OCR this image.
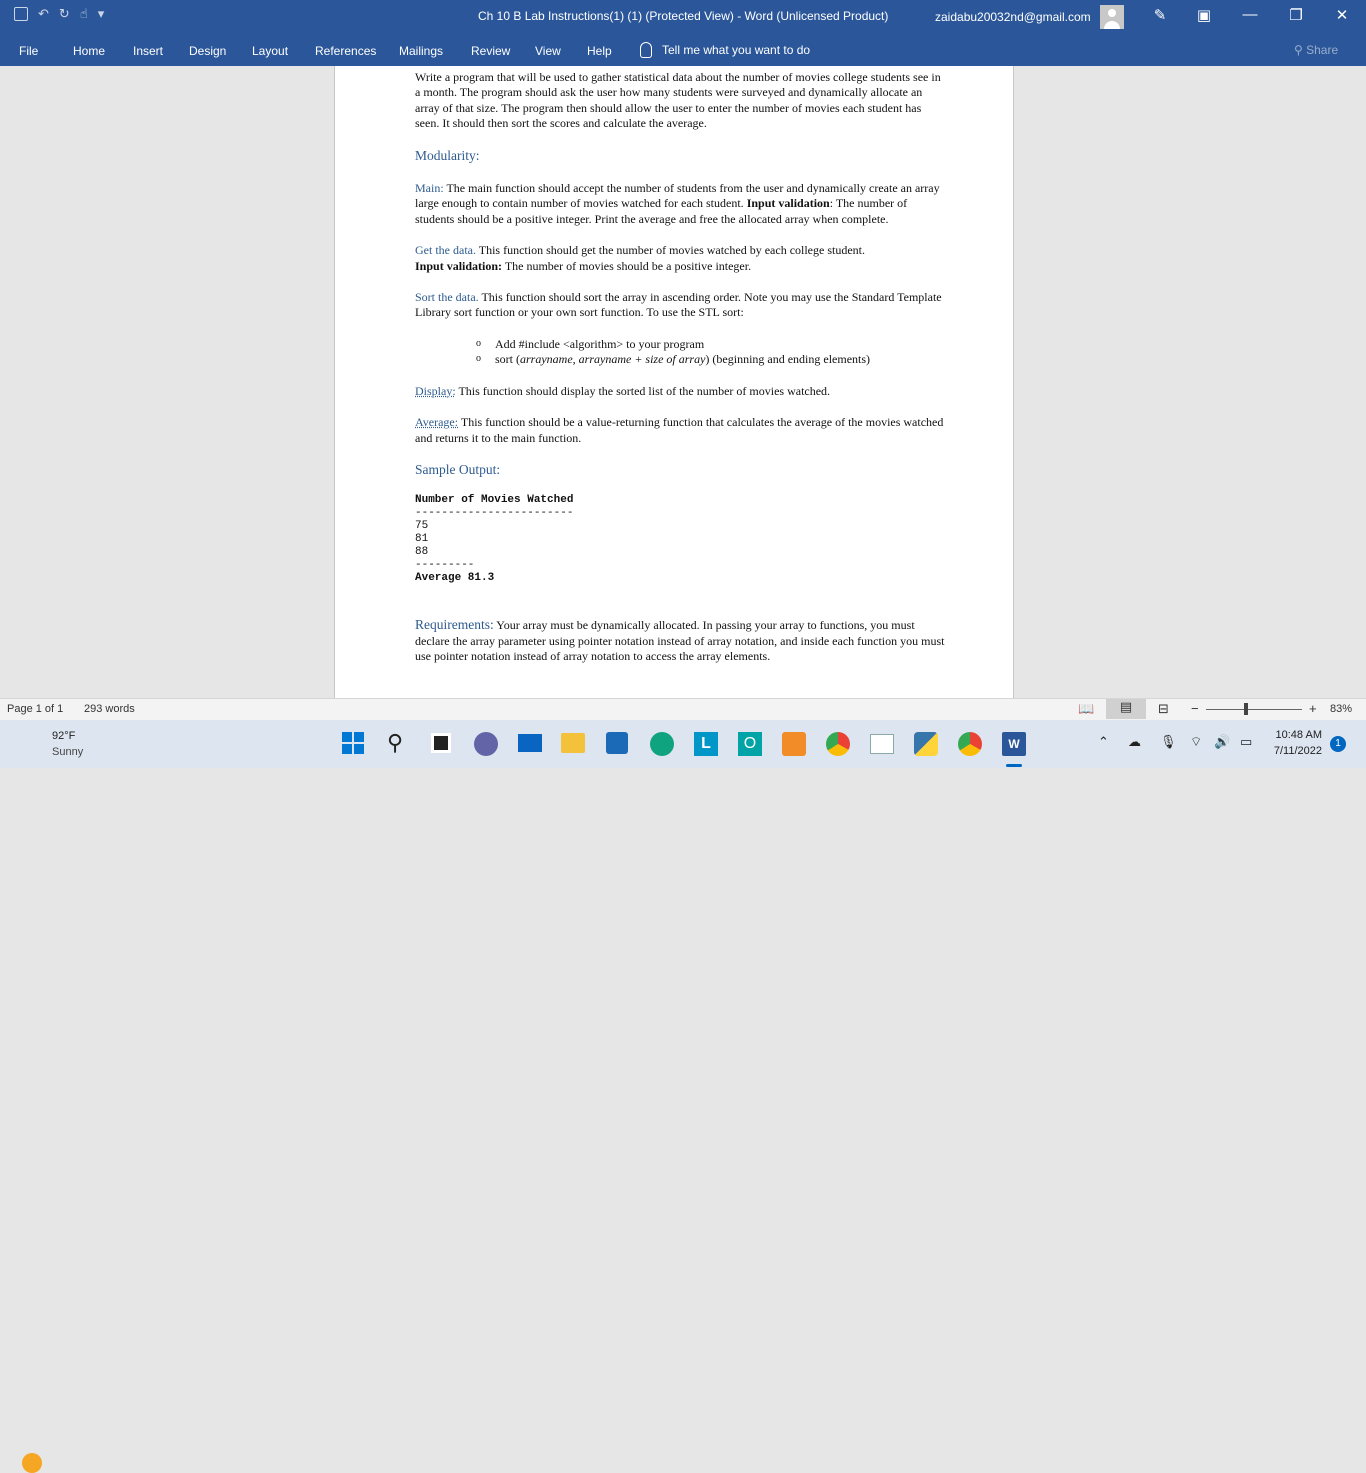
↶ ↻ ☝ ▾	Ch 10 B Lab Instructions(1) (1) (Protected View) - Word (Unlicensed Product)	zaidabu20032nd@gmail.com	✎	▣	—	❐	✕
File	Home Insert Design Layout References Mailings Review View Help	Tell me what you want to do	⚲ Share

Write a program that will be used to gather statistical data about the number of movies college students see in a month. The program should ask the user how many students were surveyed and dynamically allocate an array of that size. The program then should allow the user to enter the number of movies each student has seen. It should then sort the scores and calculate the average.

Modularity:

Main: The main function should accept the number of students from the user and dynamically create an array large enough to contain number of movies watched for each student. Input validation: The number of students should be a positive integer. Print the average and free the allocated array when complete.

Get the data. This function should get the number of movies watched by each college student.
Input validation: The number of movies should be a positive integer.

Sort the data. This function should sort the array in ascending order. Note you may use the Standard Template Library sort function or your own sort function. To use the STL sort:

o Add #include <algorithm> to your program

o sort (arrayname, arrayname + size of array) (beginning and ending elements)

Display: This function should display the sorted list of the number of movies watched.

Average: This function should be a value-returning function that calculates the average of the movies watched and returns it to the main function.

Sample Output:

Number of Movies Watched
------------------------
75
81
88
---------
Average 81.3

Requirements: Your array must be dynamically allocated. In passing your array to functions, you must declare the array parameter using pointer notation instead of array notation, and inside each function you must use pointer notation instead of array notation to access the array elements.

Page 1 of 1 293 words	📖	▤	⊟ −	+ 83%
92°F
Sunny	⚲	L	O	W	⌃ ☁ 🎙 ⌔ 🔊 ▭	10:48 AM
7/11/2022
1
